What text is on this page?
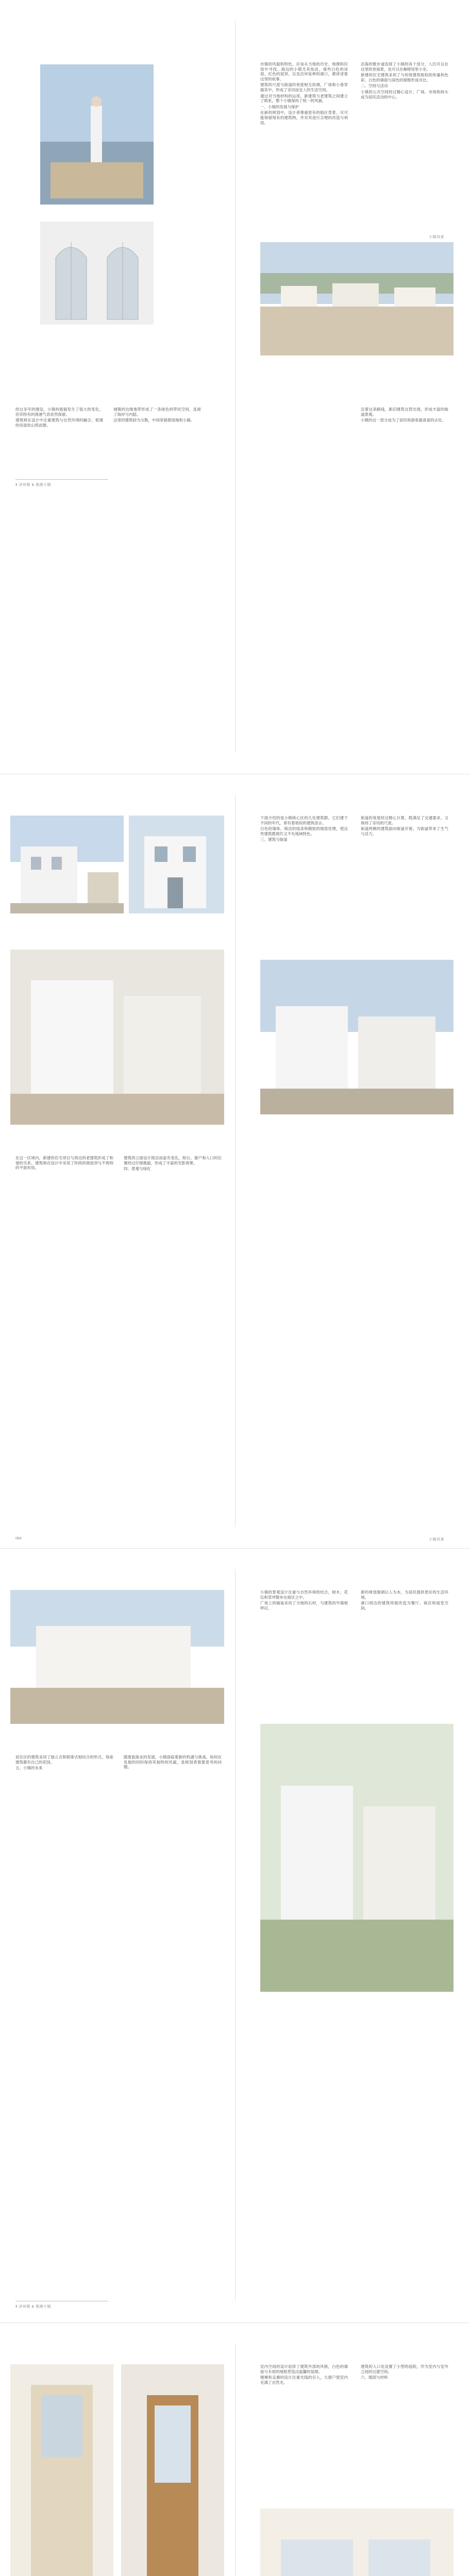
市镇的风貌和特色，应该从当地的历史、地理和民俗中寻找。海边的小镇尤其如此，那些白色的房屋、红色的屋顶，以及沿岸延伸的港口，都讲述着这里的故事。

建筑的尺度与街道的宽度相互协调，广场和小巷穿插其中，形成了亲切而宜人的生活空间。

通过对当地材料的运用，新建筑与老建筑之间建立了联系，整个小镇保持了统一的风貌。

一、小镇的发展与保护

在新的规划中，设计者尊重原有的街区背景，尽可能保留现有的建筑物，并对其进行合理的改造与利用。

沿海的散步道连接了小镇的各个部分，人们可以在这里欣赏海景，也可以在咖啡馆里小坐。

新建的住宅建筑采用了与传统建筑相似的体量和色彩，白色的墙面与深色的窗框形成对比。

二、空间与活动

小镇的公共空间经过精心设计，广场、市场和码头成为居民活动的中心。

小镇风景

经过多年的建设，小镇的面貌发生了很大的变化，但其特有的渔港气息依然保留。

建筑师在设计中注重建筑与自然环境的融合，低矮的房屋依山势而建。

城镇的边缘地带形成了一条绿色的带状空间，连接了海岸与内陆。

这里的建筑较为分散，中间穿插着绿地和小路。

沿着这条路线，新旧建筑交替出现，形成丰富的街道景观。

小镇的这一部分成为了居民和游客最喜爱的去处。

Ⅱ 济州镇 & 渔港小镇

下面介绍的是小镇核心区的几处建筑群。它们建于不同的年代，却有着相似的建筑语言。

白色的墙体、简洁的线条和精致的细部处理，使这些建筑既现代又不失地域特色。

三、建筑与街道

街道的宽度经过精心计算，既满足了交通需求，又保持了亲切的尺度。

街道两侧的建筑面向街道开窗，为街道带来了生气与活力。

在这一区域内，新建的住宅项目与周边的老建筑形成了和谐的关系。建筑师在设计中采用了传统的坡屋顶与不规则的平面布局。

建筑的立面设计简洁而富有变化，阳台、窗户和入口的位置经过仔细推敲，形成了丰富的光影效果。

四、景观与绿化

094	小镇风景

小镇的景观设计注重与自然环境的结合，树木、花坛和草坪散布在街区之中。

广场上的铺装采用了当地的石材，与建筑的外墙相呼应。

新的规划强调以人为本，为居民提供更好的生活环境。

港口周边的建筑将被改造为餐厅、商店和展览空间。

居住区的建筑采用了独立式和联排式相结合的形式，每座建筑都有自己的花园。

五、小镇的未来

随着旅游业的发展，小镇面临着新的机遇与挑战。如何在发展的同时保持其独特的风貌，是规划者需要思考的问题。

Ⅱ 济州镇 & 渔港小镇

室内空间的设计延续了建筑外部的风格，白色的墙面与木质的地板营造出温馨的氛围。

楼梯和走廊的设计注重光线的引入，大窗户使室内充满了自然光。

建筑的入口处设置了小型的庭院，作为室内与室外之间的过渡空间。

六、细部与材料
